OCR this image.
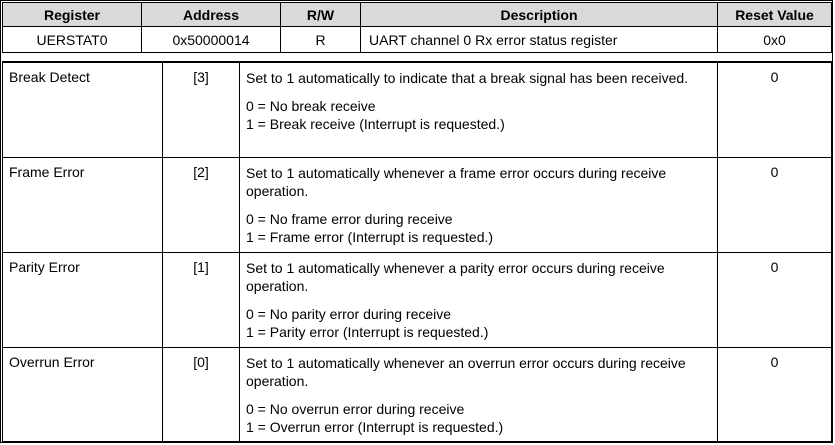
Register	Address	R/W	Description	Reset Value
UERSTAT0	0x50000014	R	UART channel 0 Rx error status register	0x0
Break Detect	[3]	Set to 1 automatically to indicate that a break signal has been received.

0 = No break receive
1 = Break receive (Interrupt is requested.)	0
Frame Error	[2]	Set to 1 automatically whenever a frame error occurs during receive operation.

0 = No frame error during receive
1 = Frame error (Interrupt is requested.)	0
Parity Error	[1]	Set to 1 automatically whenever a parity error occurs during receive operation.

0 = No parity error during receive
1 = Parity error (Interrupt is requested.)	0
Overrun Error	[0]	Set to 1 automatically whenever an overrun error occurs during receive operation.

0 = No overrun error during receive
1 = Overrun error (Interrupt is requested.)	0
